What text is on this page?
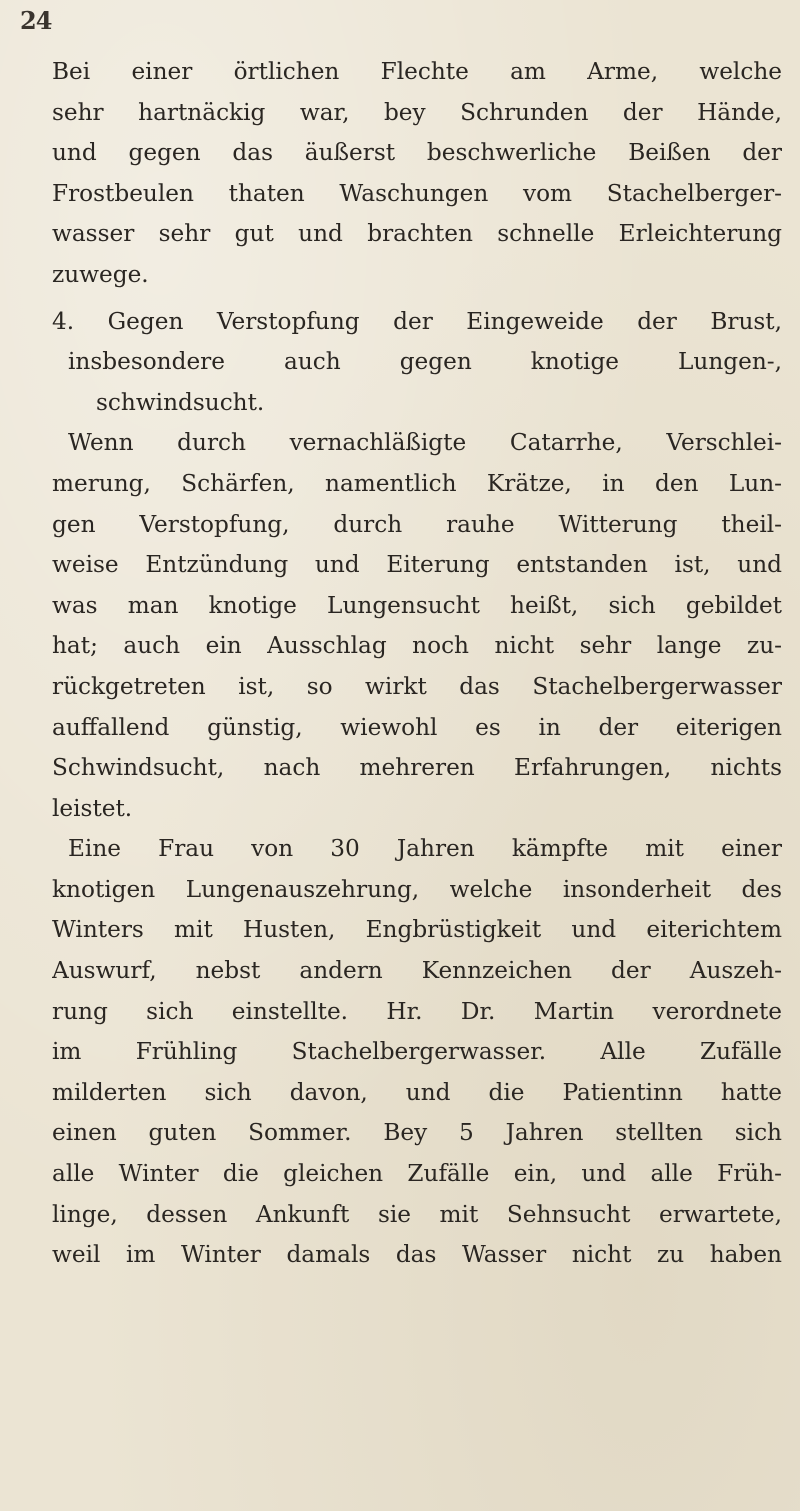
24
Bei einer örtlichen Flechte am Arme, welche
sehr hartnäckig war, bey Schrunden der Hände,
und gegen das äußerst beschwerliche Beißen der
Frostbeulen thaten Waschungen vom Stachelberger-
wasser sehr gut und brachten schnelle Erleichterung
zuwege.
4. Gegen Verstopfung der Eingeweide der Brust,
insbesondere auch gegen knotige Lungen-,
schwindsucht.
Wenn durch vernachläßigte Catarrhe, Verschlei-
merung, Schärfen, namentlich Krätze, in den Lun-
gen Verstopfung, durch rauhe Witterung theil-
weise Entzündung und Eiterung entstanden ist, und
was man knotige Lungensucht heißt, sich gebildet
hat; auch ein Ausschlag noch nicht sehr lange zu-
rückgetreten ist, so wirkt das Stachelbergerwasser
auffallend günstig, wiewohl es in der eiterigen
Schwindsucht, nach mehreren Erfahrungen, nichts
leistet.
Eine Frau von 30 Jahren kämpfte mit einer
knotigen Lungenauszehrung, welche insonderheit des
Winters mit Husten, Engbrüstigkeit und eiterichtem
Auswurf, nebst andern Kennzeichen der Auszeh-
rung sich einstellte. Hr. Dr. Martin verordnete
im Frühling Stachelbergerwasser. Alle Zufälle
milderten sich davon, und die Patientinn hatte
einen guten Sommer. Bey 5 Jahren stellten sich
alle Winter die gleichen Zufälle ein, und alle Früh-
linge, dessen Ankunft sie mit Sehnsucht erwartete,
weil im Winter damals das Wasser nicht zu haben
